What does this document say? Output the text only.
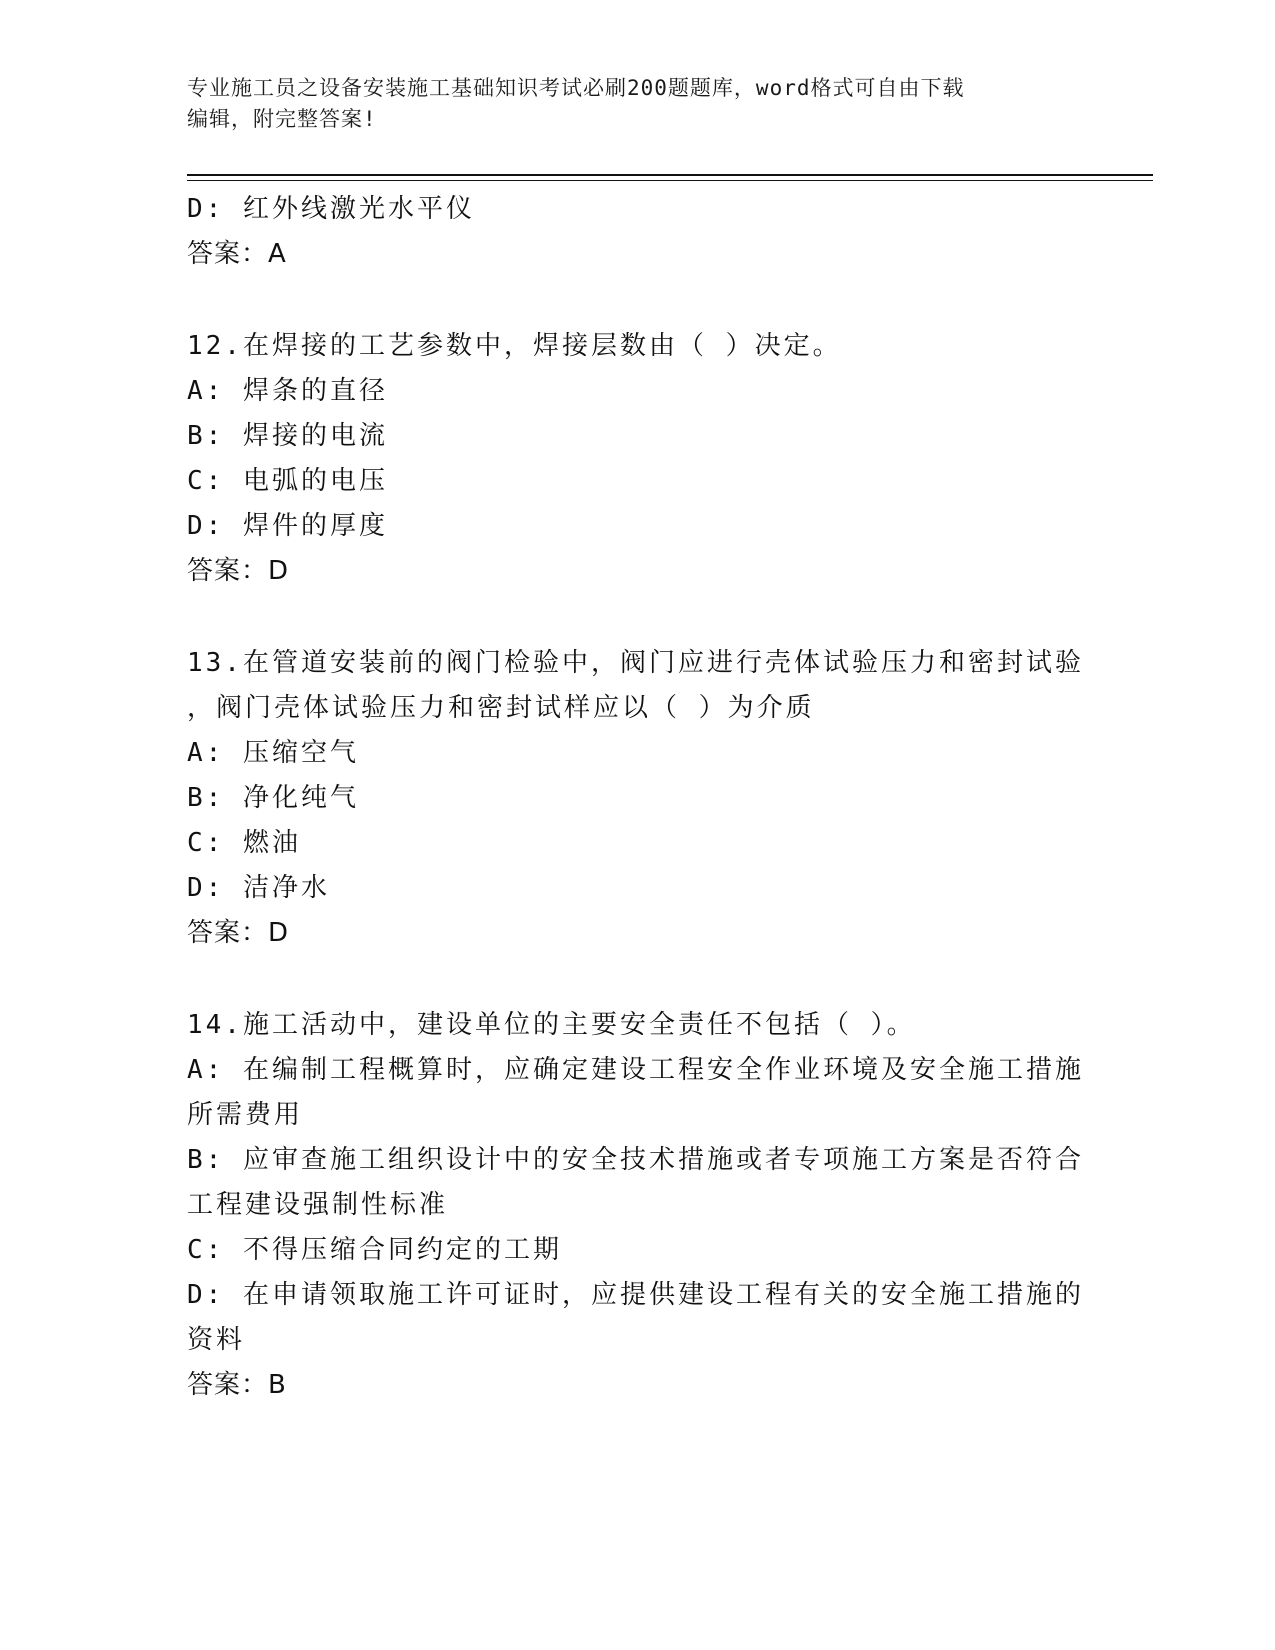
专业施工员之设备安装施工基础知识考试必刷200题题库，word格式可自由下载
编辑，附完整答案!
D: 红外线激光水平仪
答案：A
12.在焊接的工艺参数中，焊接层数由（ ）决定。
A: 焊条的直径
B: 焊接的电流
C: 电弧的电压
D: 焊件的厚度
答案：D
13.在管道安装前的阀门检验中，阀门应进行壳体试验压力和密封试验
，阀门壳体试验压力和密封试样应以（ ）为介质
A: 压缩空气
B: 净化纯气
C: 燃油
D: 洁净水
答案：D
14.施工活动中，建设单位的主要安全责任不包括（ ）。
A: 在编制工程概算时，应确定建设工程安全作业环境及安全施工措施
所需费用
B: 应审查施工组织设计中的安全技术措施或者专项施工方案是否符合
工程建设强制性标准
C: 不得压缩合同约定的工期
D: 在申请领取施工许可证时，应提供建设工程有关的安全施工措施的
资料
答案：B
